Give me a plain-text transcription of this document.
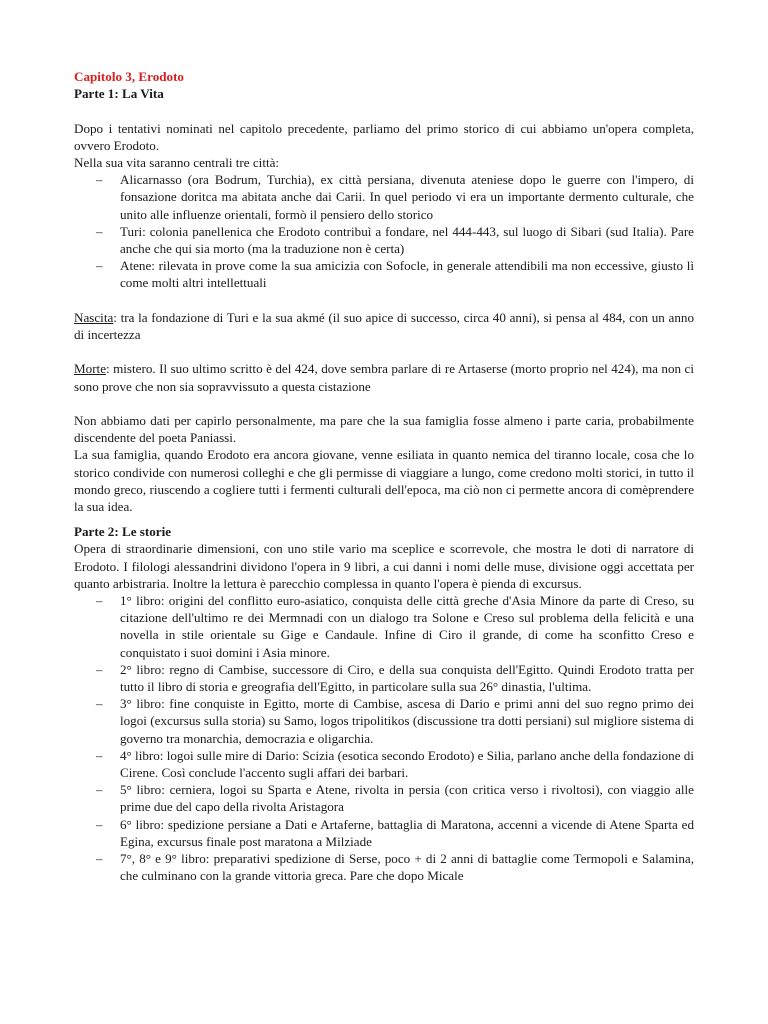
Capitolo 3, Erodoto

Parte 1: La Vita

Dopo i tentativi nominati nel capitolo precedente, parliamo del primo storico di cui abbiamo un'opera completa, ovvero Erodoto.

Nella sua vita saranno centrali tre città:

– Alicarnasso (ora Bodrum, Turchia), ex città persiana, divenuta ateniese dopo le guerre con l'impero, di fonsazione doritca ma abitata anche dai Carii. In quel periodo vi era un importante dermento culturale, che unito alle influenze orientali, formò il pensiero dello storico
– Turi: colonia panellenica che Erodoto contribuì a fondare, nel 444-443, sul luogo di Sibari (sud Italia). Pare anche che qui sia morto (ma la traduzione non è certa)
– Atene: rilevata in prove come la sua amicizia con Sofocle, in generale attendibili ma non eccessive, giusto lì come molti altri intellettuali

Nascita: tra la fondazione di Turi e la sua akmé (il suo apice di successo, circa 40 anni), si pensa al 484, con un anno di incertezza

Morte: mistero. Il suo ultimo scritto è del 424, dove sembra parlare di re Artaserse (morto proprio nel 424), ma non ci sono prove che non sia sopravvissuto a questa cistazione

Non abbiamo dati per capirlo personalmente, ma pare che la sua famiglia fosse almeno i parte caria, probabilmente discendente del poeta Paniassi.

La sua famiglia, quando Erodoto era ancora giovane, venne esiliata in quanto nemica del tiranno locale, cosa che lo storico condivide con numerosi colleghi e che gli permisse di viaggiare a lungo, come credono molti storici, in tutto il mondo greco, riuscendo a cogliere tutti i fermenti culturali dell'epoca, ma ciò non ci permette ancora di comèprendere la sua idea.

Parte 2: Le storie

Opera di straordinarie dimensioni, con uno stile vario ma sceplice e scorrevole, che mostra le doti di narratore di Erodoto. I filologi alessandrini dividono l'opera in 9 libri, a cui danni i nomi delle muse, divisione oggi accettata per quanto arbistraria. Inoltre la lettura è parecchio complessa in quanto l'opera è pienda di excursus.

– 1° libro: origini del conflitto euro-asiatico, conquista delle città greche d'Asia Minore da parte di Creso, su citazione dell'ultimo re dei Mermnadi con un dialogo tra Solone e Creso sul problema della felicità e una novella in stile orientale su Gige e Candaule. Infine di Ciro il grande, di come ha sconfitto Creso e conquistato i suoi domini i Asia minore.
– 2° libro: regno di Cambise, successore di Ciro, e della sua conquista dell'Egitto. Quindi Erodoto tratta per tutto il libro di storia e greografia dell'Egitto, in particolare sulla sua 26° dinastia, l'ultima.
– 3° libro: fine conquiste in Egitto, morte di Cambise, ascesa di Dario e primi anni del suo regno primo dei logoi (excursus sulla storia) su Samo, logos tripolitikos (discussione tra dotti persiani) sul migliore sistema di governo tra monarchia, democrazia e oligarchia.
– 4° libro: logoi sulle mire di Dario: Scizia (esotica secondo Erodoto) e Silia, parlano anche della fondazione di Cirene. Così conclude l'accento sugli affari dei barbari.
– 5° libro: cerniera, logoi su Sparta e Atene, rivolta in persia (con critica verso i rivoltosi), con viaggio alle prime due del capo della rivolta Aristagora
– 6° libro: spedizione persiane a Dati e Artaferne, battaglia di Maratona, accenni a vicende di Atene Sparta ed Egina, excursus finale post maratona a Milziade
– 7°, 8° e 9° libro: preparativi spedizione di Serse, poco + di 2 anni di battaglie come Termopoli e Salamina, che culminano con la grande vittoria greca. Pare che dopo Micale
